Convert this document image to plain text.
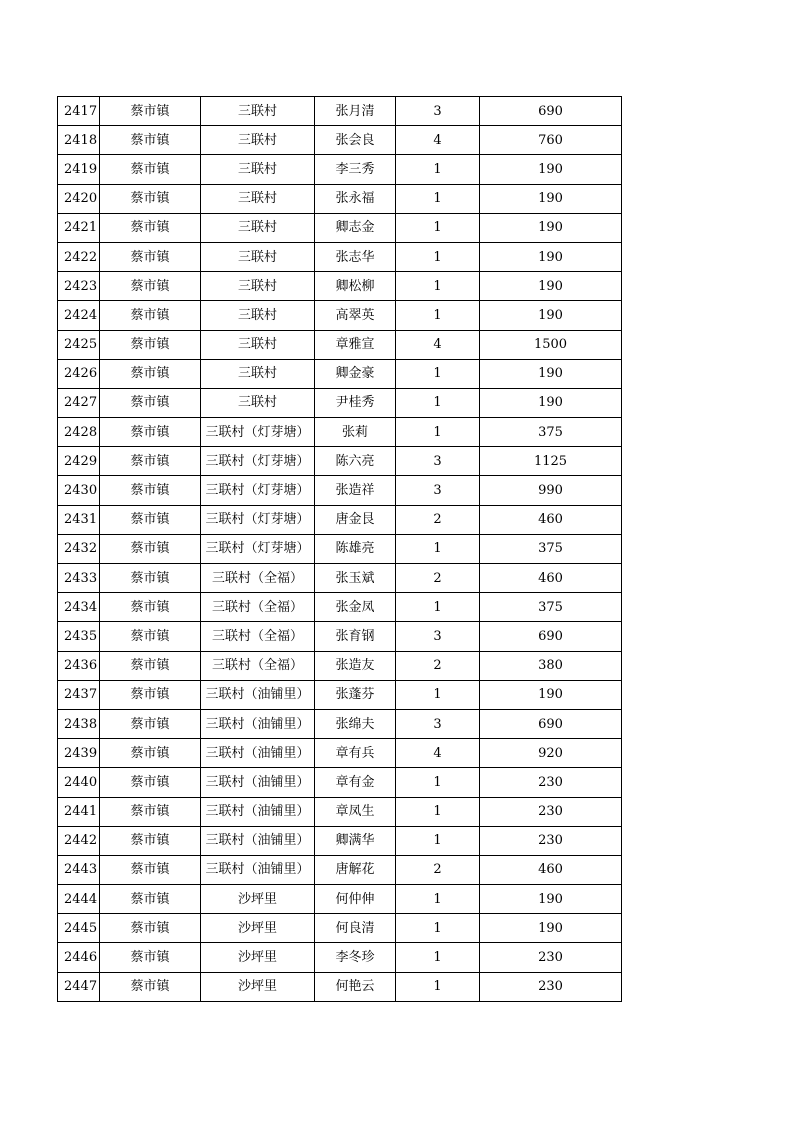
2417	蔡市镇	三联村	张月清	3	690
2418	蔡市镇	三联村	张会良	4	760
2419	蔡市镇	三联村	李三秀	1	190
2420	蔡市镇	三联村	张永福	1	190
2421	蔡市镇	三联村	卿志金	1	190
2422	蔡市镇	三联村	张志华	1	190
2423	蔡市镇	三联村	卿松柳	1	190
2424	蔡市镇	三联村	高翠英	1	190
2425	蔡市镇	三联村	章雅宣	4	1500
2426	蔡市镇	三联村	卿金豪	1	190
2427	蔡市镇	三联村	尹桂秀	1	190
2428	蔡市镇	三联村（灯芽塘）	张莉	1	375
2429	蔡市镇	三联村（灯芽塘）	陈六亮	3	1125
2430	蔡市镇	三联村（灯芽塘）	张造祥	3	990
2431	蔡市镇	三联村（灯芽塘）	唐金艮	2	460
2432	蔡市镇	三联村（灯芽塘）	陈雄亮	1	375
2433	蔡市镇	三联村（全福）	张玉斌	2	460
2434	蔡市镇	三联村（全福）	张金凤	1	375
2435	蔡市镇	三联村（全福）	张育钢	3	690
2436	蔡市镇	三联村（全福）	张造友	2	380
2437	蔡市镇	三联村（油铺里）	张蓬芬	1	190
2438	蔡市镇	三联村（油铺里）	张绵夫	3	690
2439	蔡市镇	三联村（油铺里）	章有兵	4	920
2440	蔡市镇	三联村（油铺里）	章有金	1	230
2441	蔡市镇	三联村（油铺里）	章凤生	1	230
2442	蔡市镇	三联村（油铺里）	卿满华	1	230
2443	蔡市镇	三联村（油铺里）	唐解花	2	460
2444	蔡市镇	沙坪里	何仲伸	1	190
2445	蔡市镇	沙坪里	何良清	1	190
2446	蔡市镇	沙坪里	李冬珍	1	230
2447	蔡市镇	沙坪里	何艳云	1	230
